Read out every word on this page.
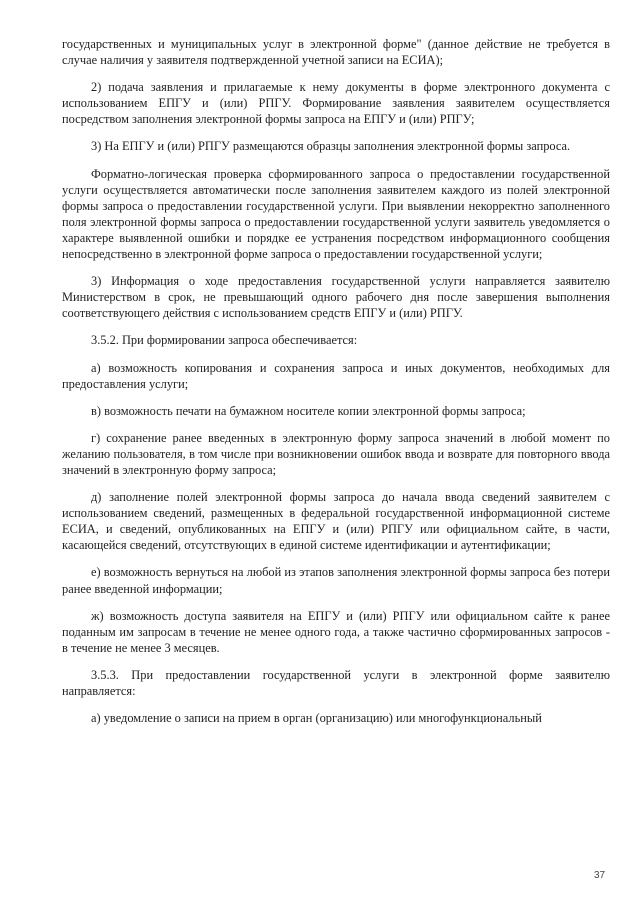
государственных и муниципальных услуг в электронной форме" (данное действие не требуется в случае наличия у заявителя подтвержденной учетной записи на ЕСИА);

2) подача заявления и прилагаемые к нему документы в форме электронного документа с использованием ЕПГУ и (или) РПГУ. Формирование заявления заявителем осуществляется посредством заполнения электронной формы запроса на ЕПГУ и (или) РПГУ;

3) На ЕПГУ и (или) РПГУ размещаются образцы заполнения электронной формы запроса.

Форматно-логическая проверка сформированного запроса о предоставлении государственной услуги осуществляется автоматически после заполнения заявителем каждого из полей электронной формы запроса о предоставлении государственной услуги. При выявлении некорректно заполненного поля электронной формы запроса о предоставлении государственной услуги заявитель уведомляется о характере выявленной ошибки и порядке ее устранения посредством информационного сообщения непосредственно в электронной форме запроса о предоставлении государственной услуги;

3) Информация о ходе предоставления государственной услуги направляется заявителю Министерством в срок, не превышающий одного рабочего дня после завершения выполнения соответствующего действия с использованием средств ЕПГУ и (или) РПГУ.

3.5.2. При формировании запроса обеспечивается:

а) возможность копирования и сохранения запроса и иных документов, необходимых для предоставления услуги;

в) возможность печати на бумажном носителе копии электронной формы запроса;

г) сохранение ранее введенных в электронную форму запроса значений в любой момент по желанию пользователя, в том числе при возникновении ошибок ввода и возврате для повторного ввода значений в электронную форму запроса;

д) заполнение полей электронной формы запроса до начала ввода сведений заявителем с использованием сведений, размещенных в федеральной государственной информационной системе ЕСИА, и сведений, опубликованных на ЕПГУ и (или) РПГУ или официальном сайте, в части, касающейся сведений, отсутствующих в единой системе идентификации и аутентификации;

е) возможность вернуться на любой из этапов заполнения электронной формы запроса без потери ранее введенной информации;

ж) возможность доступа заявителя на ЕПГУ и (или) РПГУ или официальном сайте к ранее поданным им запросам в течение не менее одного года, а также частично сформированных запросов - в течение не менее 3 месяцев.

3.5.3. При предоставлении государственной услуги в электронной форме заявителю направляется:

а) уведомление о записи на прием в орган (организацию) или многофункциональный

37
